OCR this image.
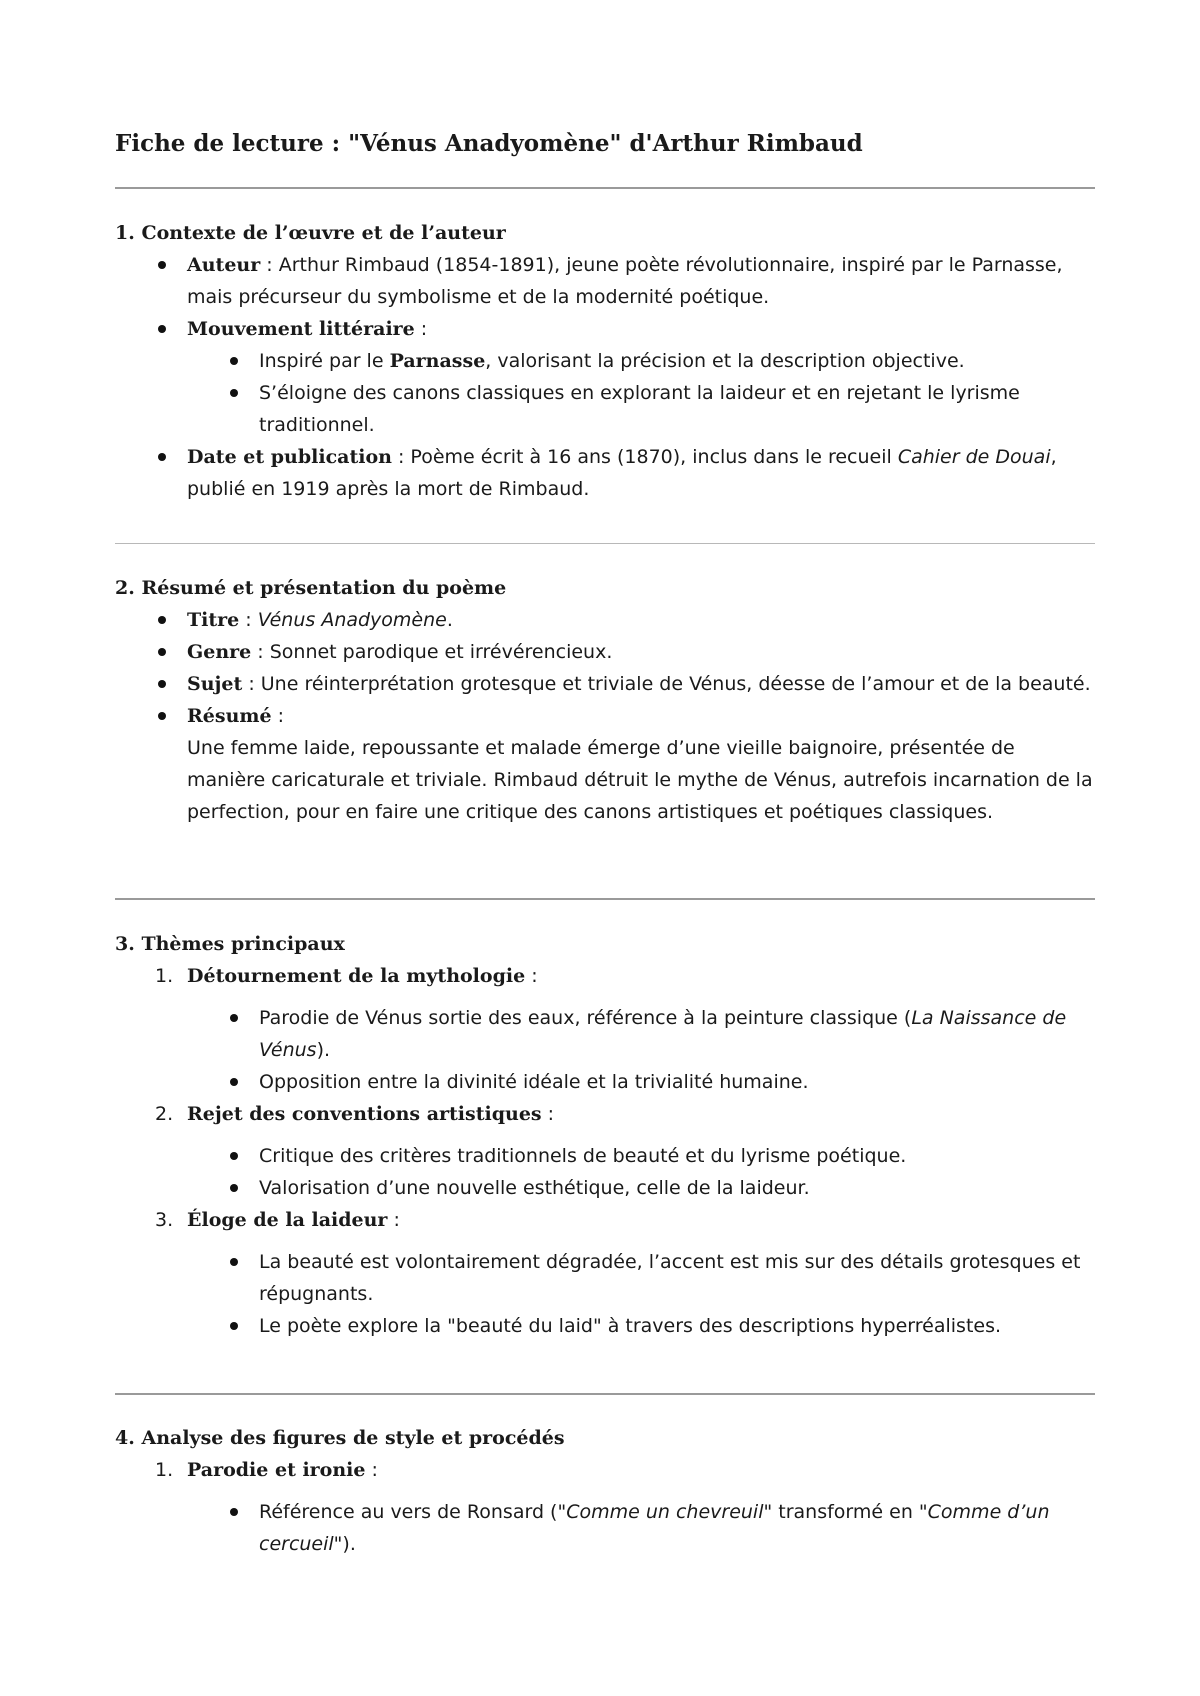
Fiche de lecture : "Vénus Anadyomène" d'Arthur Rimbaud
1. Contexte de l’œuvre et de l’auteur
Auteur : Arthur Rimbaud (1854-1891), jeune poète révolutionnaire, inspiré par le Parnasse, mais précurseur du symbolisme et de la modernité poétique.
Mouvement littéraire :
Inspiré par le Parnasse, valorisant la précision et la description objective.
S’éloigne des canons classiques en explorant la laideur et en rejetant le lyrisme traditionnel.
Date et publication : Poème écrit à 16 ans (1870), inclus dans le recueil Cahier de Douai, publié en 1919 après la mort de Rimbaud.
2. Résumé et présentation du poème
Titre : Vénus Anadyomène.
Genre : Sonnet parodique et irrévérencieux.
Sujet : Une réinterprétation grotesque et triviale de Vénus, déesse de l’amour et de la beauté.
Résumé :
Une femme laide, repoussante et malade émerge d’une vieille baignoire, présentée de manière caricaturale et triviale. Rimbaud détruit le mythe de Vénus, autrefois incarnation de la perfection, pour en faire une critique des canons artistiques et poétiques classiques.
3. Thèmes principaux
1. Détournement de la mythologie :
Parodie de Vénus sortie des eaux, référence à la peinture classique (La Naissance de Vénus).
Opposition entre la divinité idéale et la trivialité humaine.
2. Rejet des conventions artistiques :
Critique des critères traditionnels de beauté et du lyrisme poétique.
Valorisation d’une nouvelle esthétique, celle de la laideur.
3. Éloge de la laideur :
La beauté est volontairement dégradée, l’accent est mis sur des détails grotesques et répugnants.
Le poète explore la "beauté du laid" à travers des descriptions hyperréalistes.
4. Analyse des figures de style et procédés
1. Parodie et ironie :
Référence au vers de Ronsard ("Comme un chevreuil" transformé en "Comme d’un cercueil").
